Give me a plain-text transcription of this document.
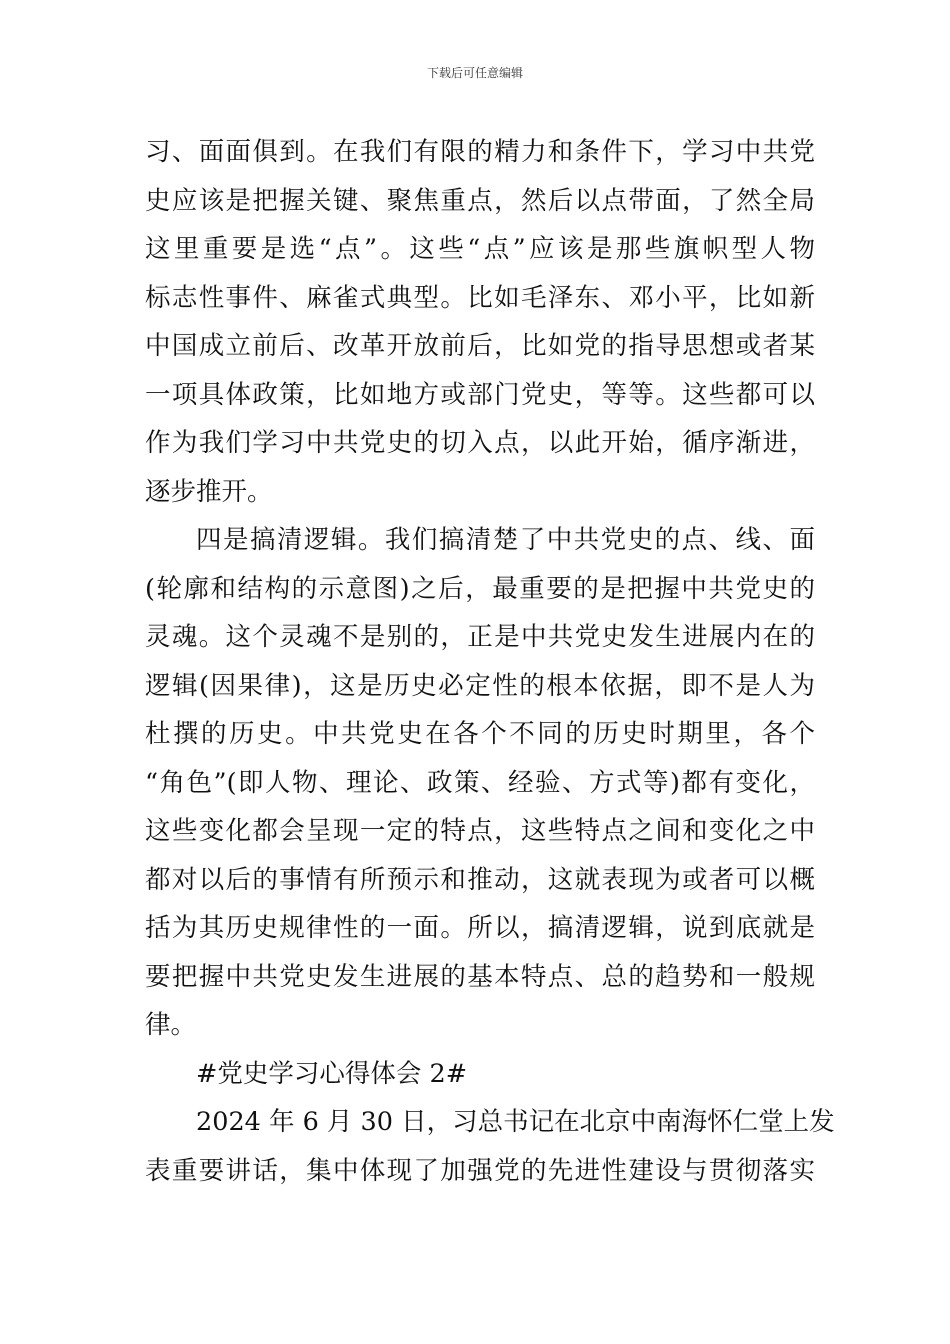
下载后可任意编辑
习、面面俱到。在我们有限的精力和条件下，学习中共党
史应该是把握关键、聚焦重点，然后以点带面，了然全局
这里重要是选“点”。这些“点”应该是那些旗帜型人物
标志性事件、麻雀式典型。比如毛泽东、邓小平，比如新
中国成立前后、改革开放前后，比如党的指导思想或者某
一项具体政策，比如地方或部门党史，等等。这些都可以
作为我们学习中共党史的切入点，以此开始，循序渐进，
逐步推开。
四是搞清逻辑。我们搞清楚了中共党史的点、线、面
(轮廓和结构的示意图)之后，最重要的是把握中共党史的
灵魂。这个灵魂不是别的，正是中共党史发生进展内在的
逻辑(因果律)，这是历史必定性的根本依据，即不是人为
杜撰的历史。中共党史在各个不同的历史时期里，各个
“角色”(即人物、理论、政策、经验、方式等)都有变化，
这些变化都会呈现一定的特点，这些特点之间和变化之中
都对以后的事情有所预示和推动，这就表现为或者可以概
括为其历史规律性的一面。所以，搞清逻辑，说到底就是
要把握中共党史发生进展的基本特点、总的趋势和一般规
律。
#党史学习心得体会 2#
2024 年 6 月 30 日，习总书记在北京中南海怀仁堂上发
表重要讲话，集中体现了加强党的先进性建设与贯彻落实
